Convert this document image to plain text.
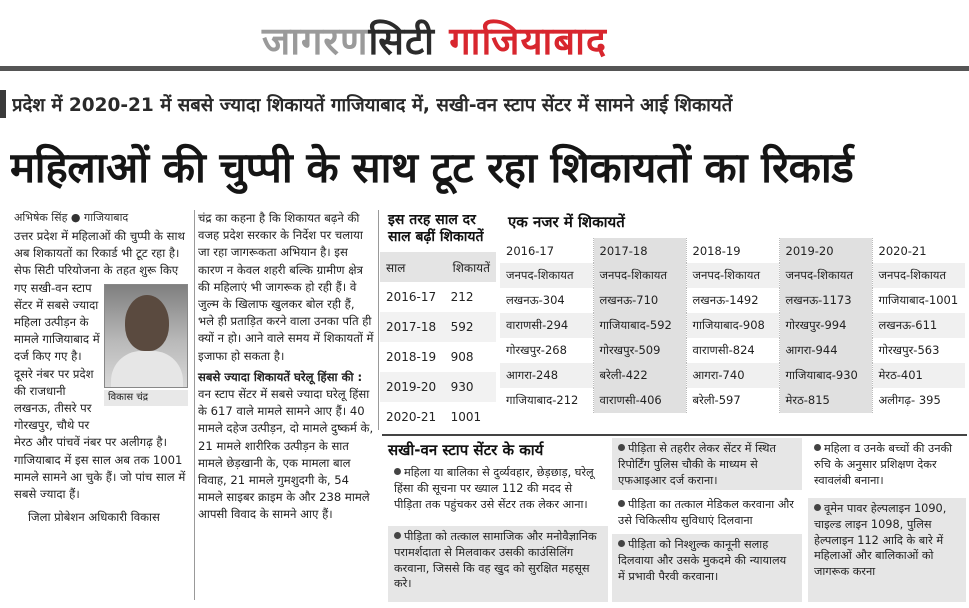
जागरणसिटी गाजियाबाद
प्रदेश में 2020-21 में सबसे ज्यादा शिकायतें गाजियाबाद में, सखी-वन स्टाप सेंटर में सामने आई शिकायतें
महिलाओं की चुप्पी के साथ टूट रहा शिकायतों का रिकार्ड
अभिषेक सिंह ● गाजियाबाद

उत्तर प्रदेश में महिलाओं की चुप्पी के साथ अब शिकायतों का रिकार्ड भी टूट रहा है। सेफ सिटी परियोजना के तहत शुरू किए गए सखी-वन स्टाप सेंटर में सबसे ज्यादा महिला उत्पीड़न के मामले गाजियाबाद में दर्ज किए गए है। दूसरे नंबर पर प्रदेश की राजधानी लखनऊ, तीसरे पर गोरखपुर, चौथे पर मेरठ और पांचवें नंबर पर अलीगढ़ है। गाजियाबाद में इस साल अब तक 1001 मामले सामने आ चुके हैं। जो पांच साल में सबसे ज्यादा हैं।

जिला प्रोबेशन अधिकारी विकास

विकास चंद्र

चंद्र का कहना है कि शिकायत बढ़ने की वजह प्रदेश सरकार के निर्देश पर चलाया जा रहा जागरूकता अभियान है। इस कारण न केवल शहरी बल्कि ग्रामीण क्षेत्र की महिलाएं भी जागरूक हो रही हैं। वे जुल्म के खिलाफ खुलकर बोल रही हैं, भले ही प्रताड़ित करने वाला उनका पति ही क्यों न हो। आने वाले समय में शिकायतों में इजाफा हो सकता है।

सबसे ज्यादा शिकायतें घरेलू हिंसा की : वन स्टाप सेंटर में सबसे ज्यादा घरेलू हिंसा के 617 वाले मामले सामने आए हैं। 40 मामले दहेज उत्पीड़न, दो मामले दुष्कर्म के, 21 मामले शारीरिक उत्पीड़न के सात मामले छेड़खानी के, एक मामला बाल विवाह, 21 मामले गुमशुदगी के, 54 मामले साइबर क्राइम के और 238 मामले आपसी विवाद के सामने आए हैं।

इस तरह साल दर साल बढ़ीं शिकायतें
साल	शिकायतें
2016-17	212
2017-18	592
2018-19	908
2019-20	930
2020-21	1001
एक नजर में शिकायतें
2016-17	2017-18	2018-19	2019-20	2020-21
जनपद-शिकायत	जनपद-शिकायत	जनपद-शिकायत	जनपद-शिकायत	जनपद-शिकायत
लखनऊ-304	लखनऊ-710	लखनऊ-1492	लखनऊ-1173	गाजियाबाद-1001
वाराणसी-294	गाजियाबाद-592	गाजियाबाद-908	गोरखपुर-994	लखनऊ-611
गोरखपुर-268	गोरखपुर-509	वाराणसी-824	आगरा-944	गोरखपुर-563
आगरा-248	बरेली-422	आगरा-740	गाजियाबाद-930	मेरठ-401
गाजियाबाद-212	वाराणसी-406	बरेली-597	मेरठ-815	अलीगढ़- 395
सखी-वन स्टाप सेंटर के कार्य
महिला या बालिका से दुर्व्यवहार, छेड़छाड़, घरेलू हिंसा की सूचना पर ख्याल 112 की मदद से पीड़िता तक पहुंचकर उसे सेंटर तक लेकर आना।
पीड़िता को तत्काल सामाजिक और मनोवैज्ञानिक परामर्शदाता से मिलवाकर उसकी काउंसिलिंग करवाना, जिससे कि वह खुद को सुरक्षित महसूस करे।
पीड़िता से तहरीर लेकर सेंटर में स्थित रिपोर्टिंग पुलिस चौकी के माध्यम से एफआइआर दर्ज कराना।
पीड़िता का तत्काल मेडिकल करवाना और उसे चिकित्सीय सुविधाएं दिलवाना
पीड़िता को निश्शुल्क कानूनी सलाह दिलवाया और उसके मुकदमे की न्यायालय में प्रभावी पैरवी करवाना।
महिला व उनके बच्चों की उनकी रुचि के अनुसार प्रशिक्षण देकर स्वावलंबी बनाना।
वूमेन पावर हेल्पलाइन 1090, चाइल्ड लाइन 1098, पुलिस हेल्पलाइन 112 आदि के बारे में महिलाओं और बालिकाओं को जागरूक करना
